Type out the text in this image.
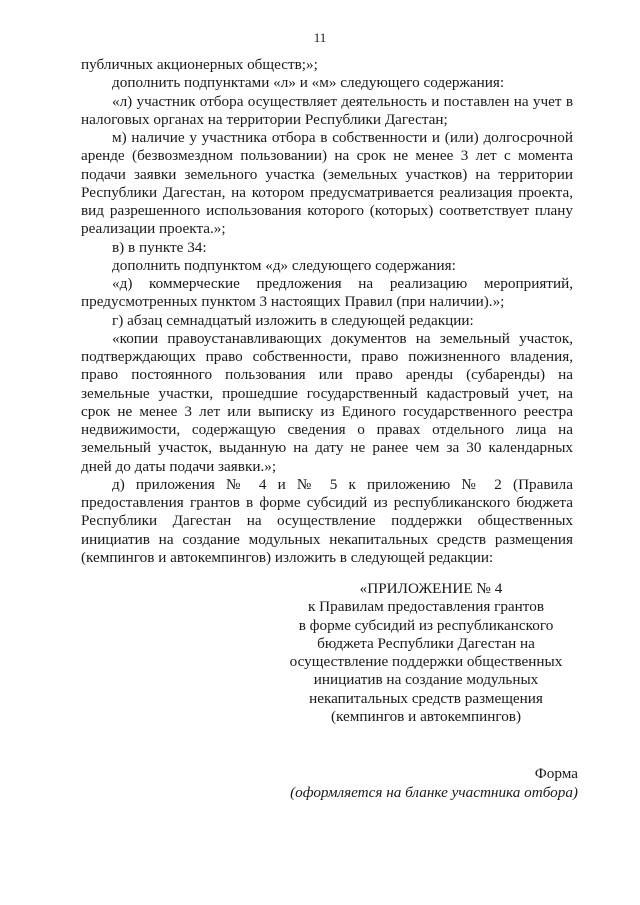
11

публичных акционерных обществ;»;

дополнить подпунктами «л» и «м» следующего содержания:

«л) участник отбора осуществляет деятельность и поставлен на учет в налоговых органах на территории Республики Дагестан;

м) наличие у участника отбора в собственности и (или) долгосрочной аренде (безвозмездном пользовании) на срок не менее 3 лет с момента подачи заявки земельного участка (земельных участков) на территории Республики Дагестан, на котором предусматривается реализация проекта, вид разрешенного использования которого (которых) соответствует плану реализации проекта.»;

в) в пункте 34:

дополнить подпунктом «д» следующего содержания:

«д) коммерческие предложения на реализацию мероприятий, предусмотренных пунктом 3 настоящих Правил (при наличии).»;

г) абзац семнадцатый изложить в следующей редакции:

«копии правоустанавливающих документов на земельный участок, подтверждающих право собственности, право пожизненного владения, право постоянного пользования или право аренды (субаренды) на земельные участки, прошедшие государственный кадастровый учет, на срок не менее 3 лет или выписку из Единого государственного реестра недвижимости, содержащую сведения о правах отдельного лица на земельный участок, выданную на дату не ранее чем за 30 календарных дней до даты подачи заявки.»;

д) приложения № 4 и № 5 к приложению № 2 (Правила предоставления грантов в форме субсидий из республиканского бюджета Республики Дагестан на осуществление поддержки общественных инициатив на создание модульных некапитальных средств размещения (кемпингов и автокемпингов) изложить в следующей редакции:

«ПРИЛОЖЕНИЕ № 4
к Правилам предоставления грантов
в форме субсидий из республиканского
бюджета Республики Дагестан на
осуществление поддержки общественных
инициатив на создание модульных
некапитальных средств размещения
(кемпингов и автокемпингов)
Форма
(оформляется на бланке участника отбора)
